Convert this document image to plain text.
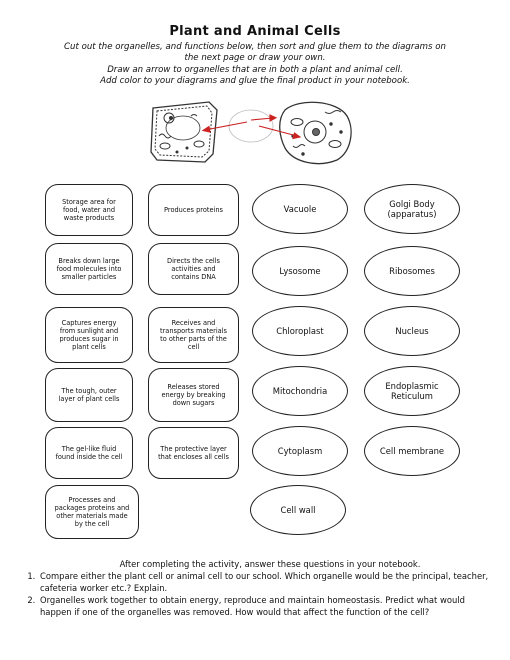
Plant and Animal Cells
Cut out the organelles, and functions below, then sort and glue them to the diagrams on
the next page or draw your own.
Draw an arrow to organelles that are in both a plant and animal cell.
Add color to your diagrams and glue the final product in your notebook.
Storage area for food, water and waste products
Produces proteins
Breaks down large food molecules into smaller particles
Directs the cells activities and contains DNA
Captures energy from sunlight and produces sugar in plant cells
Receives and transports materials to other parts of the cell
The tough, outer layer of plant cells
Releases stored energy by breaking down sugars
The gel-like fluid found inside the cell
The protective layer that encloses all cells
Processes and packages proteins and other materials made by the cell
Vacuole	Golgi Body (apparatus)
Lysosome	Ribosomes
Chloroplast	Nucleus
Mitochondria	Endoplasmic Reticulum
Cytoplasm	Cell membrane
Cell wall
After completing the activity, answer these questions in your notebook.
1. Compare either the plant cell or animal cell to our school. Which organelle would be the principal, teacher, cafeteria worker etc.? Explain.
2. Organelles work together to obtain energy, reproduce and maintain homeostasis. Predict what would happen if one of the organelles was removed. How would that affect the function of the cell?
